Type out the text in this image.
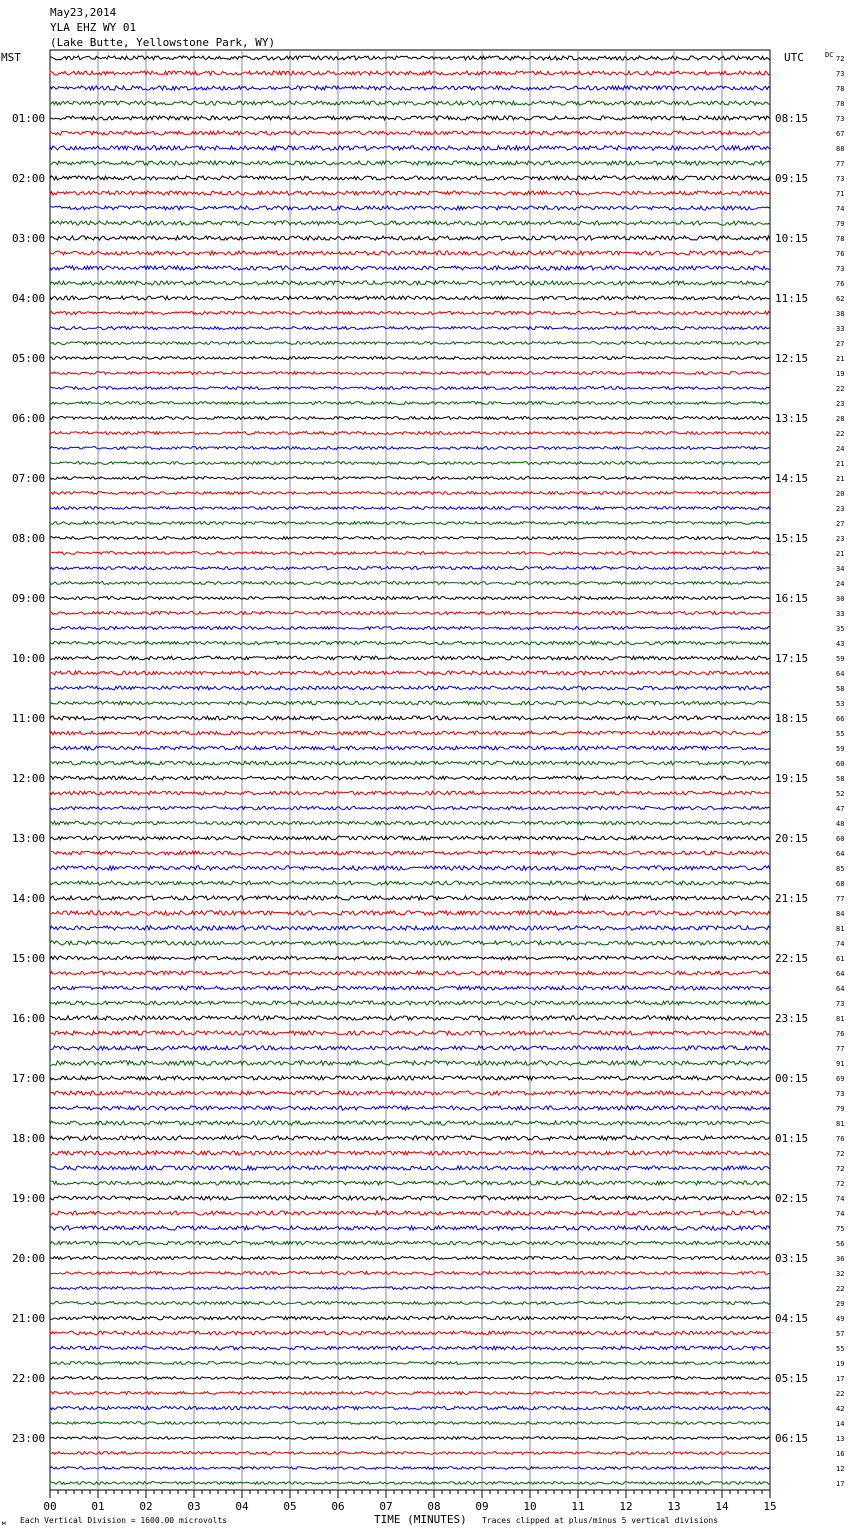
May23,2014
YLA EHZ WY 01
(Lake Butte, Yellowstone Park, WY)
MST	UTC	DC
01:00
02:00
03:00
04:00
05:00
06:00
07:00
08:00
09:00
10:00
11:00
12:00
13:00
14:00
15:00
16:00
17:00
18:00
19:00
20:00
21:00
22:00
23:00
08:15
09:15
10:15
11:15
12:15
13:15
14:15
15:15
16:15
17:15
18:15
19:15
20:15
21:15
22:15
23:15
00:15
01:15
02:15
03:15
04:15
05:15
06:15
72
73
78
78
73
67
88
77
73
71
74
79
78
76
73
76
62
38
33
27
21
19
22
23
28
22
24
21
21
20
23
27
23
21
34
24
30
33
35
43
59
64
58
53
66
55
59
60
58
52
47
48
60
64
85
68
77
84
81
74
61
64
64
73
81
76
77
91
69
73
79
81
76
72
72
72
74
74
75
56
36
32
22
29
49
57
55
19
17
22
42
14
13
16
12
17
00	01	02	03	04	05	06	07	08	09	10	11	12	13	14	15
м Each Vertical Division = 1600.00 microvolts	TIME (MINUTES) Traces clipped at plus/minus 5 vertical divisions
